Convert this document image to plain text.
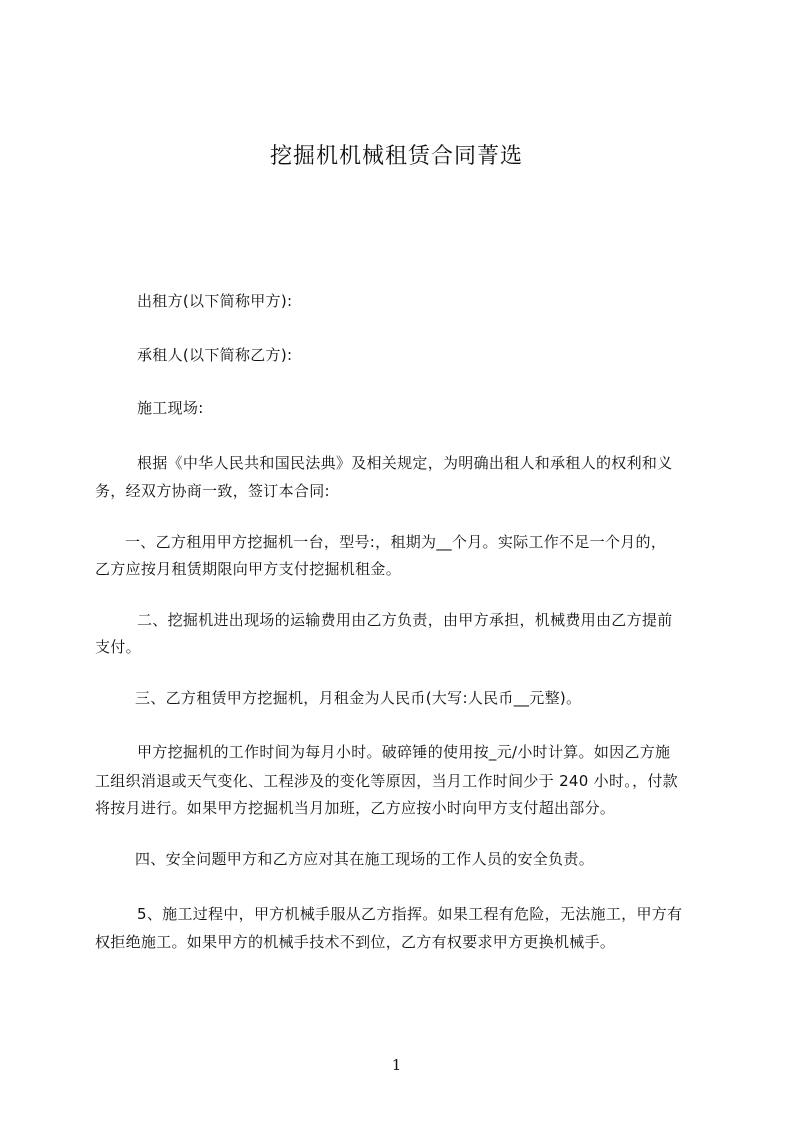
挖掘机机械租赁合同菁选
出租方(以下简称甲方):
承租人(以下简称乙方):
施工现场:
根据《中华人民共和国民法典》及相关规定，为明确出租人和承租人的权利和义
务，经双方协商一致，签订本合同:
一、乙方租用甲方挖掘机一台，型号:，租期为__个月。实际工作不足一个月的，
乙方应按月租赁期限向甲方支付挖掘机租金。
二、挖掘机进出现场的运输费用由乙方负责，由甲方承担，机械费用由乙方提前
支付。
三、乙方租赁甲方挖掘机，月租金为人民币(大写:人民币__元整)。
甲方挖掘机的工作时间为每月小时。破碎锤的使用按_元/小时计算。如因乙方施
工组织消退或天气变化、工程涉及的变化等原因，当月工作时间少于 240 小时。，付款
将按月进行。如果甲方挖掘机当月加班，乙方应按小时向甲方支付超出部分。
四、安全问题甲方和乙方应对其在施工现场的工作人员的安全负责。
5、施工过程中，甲方机械手服从乙方指挥。如果工程有危险，无法施工，甲方有
权拒绝施工。如果甲方的机械手技术不到位，乙方有权要求甲方更换机械手。
1
